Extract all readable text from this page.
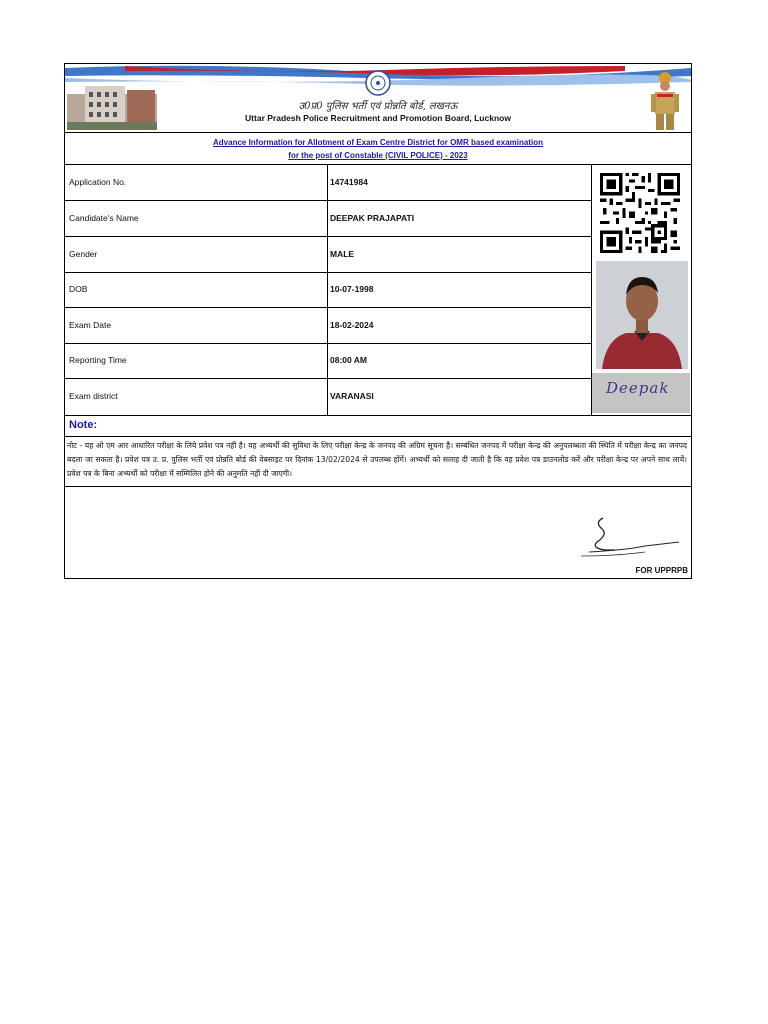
उ0प्र0 पुलिस भर्ती एवं प्रोन्नति बोर्ड, लखनऊ
Uttar Pradesh Police Recruitment and Promotion Board, Lucknow
Advance Information for Allotment of Exam Centre District for OMR based examination
for the post of Constable (CIVIL POLICE) - 2023
Application No.	14741984
Candidate's Name	DEEPAK PRAJAPATI
Gender	MALE
DOB	10-07-1998
Exam Date	18-02-2024
Reporting Time	08:00 AM
Exam district	VARANASI	Deepak
Note:
नोट - यह ओ एम आर आधारित परीक्षा के लिये प्रवेश पत्र नहीं है। यह अभ्यर्थी की सुविधा के लिए परीक्षा केन्द्र के जनपद की अग्रिम सूचना है। सम्बंधित जनपद में परीक्षा केन्द्र की अनुपलब्धता की स्थिति में परीक्षा केन्द्र का जनपद बदला जा सकता है। प्रवेश पत्र उ. प्र. पुलिस भर्ती एवं प्रोन्नति बोर्ड की वेबसाइट पर दिनांक 13/02/2024 से उपलब्ध होंगें। अभ्यर्थी को सलाह दी जाती है कि वह प्रवेश पत्र डाउनलोड करें और परीक्षा केन्द्र पर अपने साथ लायें। प्रवेश पत्र के बिना अभ्यर्थी को परीक्षा में सम्मिलित होने की अनुमति नहीं दी जाएगी।
FOR UPPRPB
